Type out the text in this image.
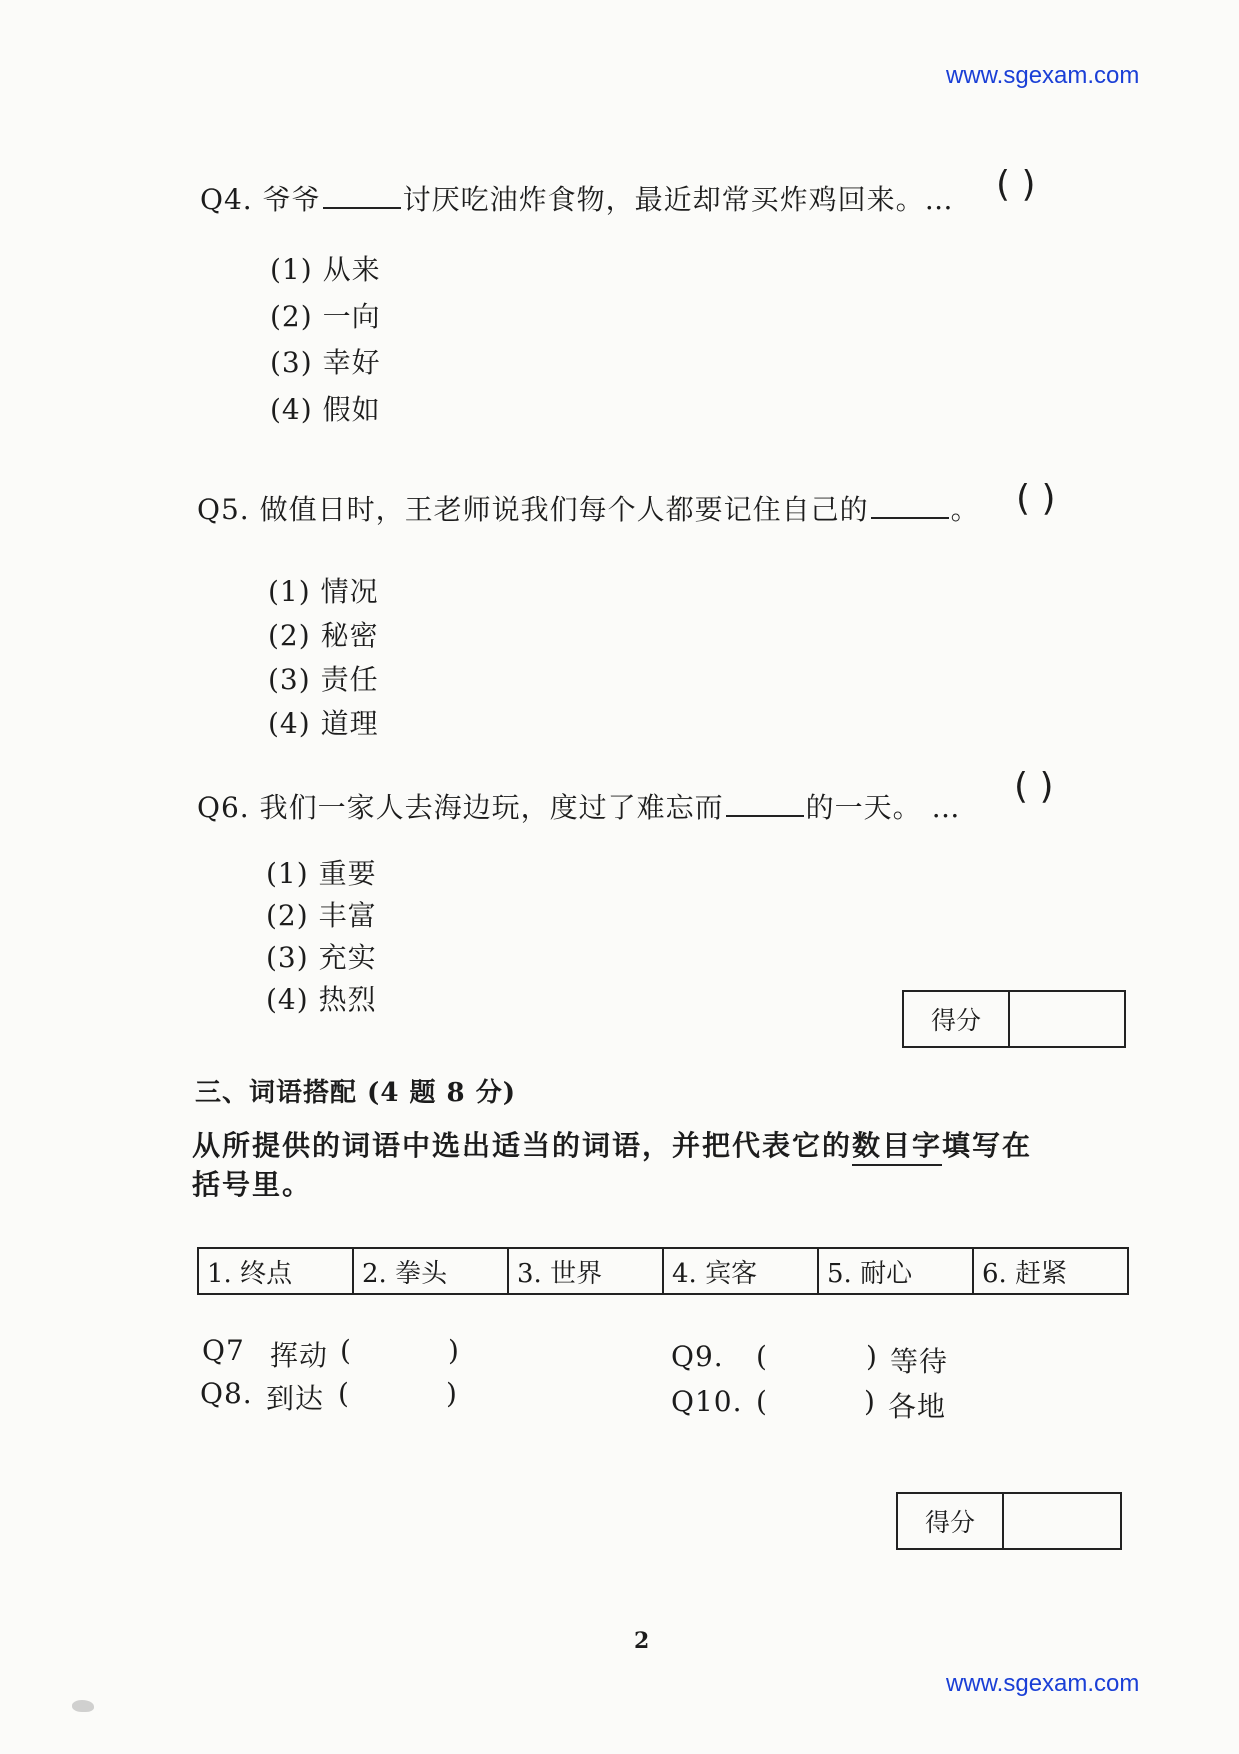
www.sgexam.com
Q4. 爷爷	讨厌吃油炸食物，最近却常买炸鸡回来。… ( )
(1) 从来
(2) 一向
(3) 幸好
(4) 假如
Q5. 做值日时，王老师说我们每个人都要记住自己的	。 ( )
(1) 情况
(2) 秘密
(3) 责任
(4) 道理
Q6. 我们一家人去海边玩，度过了难忘而	的一天。 …
( )
(1) 重要
(2) 丰富
(3) 充实
(4) 热烈
得分
三、词语搭配 (4 题 8 分)
从所提供的词语中选出适当的词语，并把代表它的数目字填写在
括号里。
1. 终点	2. 拳头	3. 世界	4. 宾客	5. 耐心	6. 赶紧
Q7 挥动 (	)
Q8. 到达 (	)
Q9. (	) 等待
Q10. (	) 各地
得分
2
www.sgexam.com
